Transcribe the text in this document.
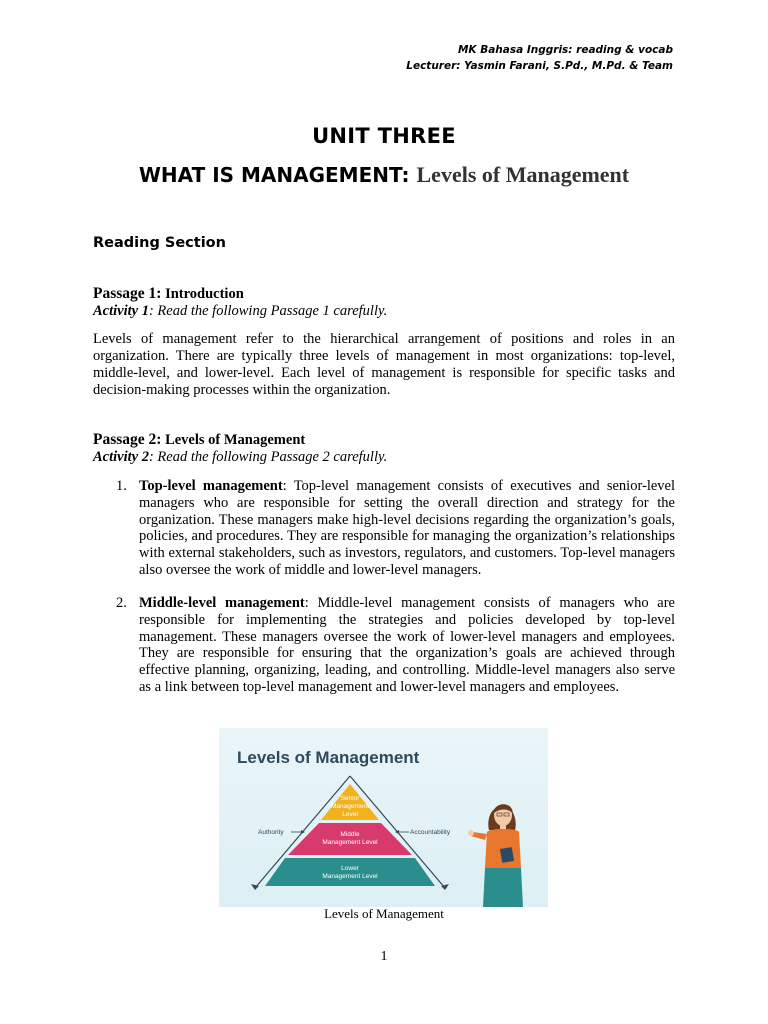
MK Bahasa Inggris: reading & vocab
Lecturer: Yasmin Farani, S.Pd., M.Pd. & Team
UNIT THREE
WHAT IS MANAGEMENT: Levels of Management
Reading Section
Passage 1: Introduction
Activity 1: Read the following Passage 1 carefully.
Levels of management refer to the hierarchical arrangement of positions and roles in an organization. There are typically three levels of management in most organizations: top-level, middle-level, and lower-level. Each level of management is responsible for specific tasks and decision-making processes within the organization.
Passage 2: Levels of Management
Activity 2: Read the following Passage 2 carefully.
1. Top-level management: Top-level management consists of executives and senior-level managers who are responsible for setting the overall direction and strategy for the organization. These managers make high-level decisions regarding the organization’s goals, policies, and procedures. They are responsible for managing the organization’s relationships with external stakeholders, such as investors, regulators, and customers. Top-level managers also oversee the work of middle and lower-level managers.
2. Middle-level management: Middle-level management consists of managers who are responsible for implementing the strategies and policies developed by top-level management. These managers oversee the work of lower-level managers and employees. They are responsible for ensuring that the organization’s goals are achieved through effective planning, organizing, leading, and controlling. Middle-level managers also serve as a link between top-level management and lower-level managers and employees.
Levels of Management
Senior
Management
Level
Middle
Management Level
Lower
Management Level
Authority	Accountability
Levels of Management
1
